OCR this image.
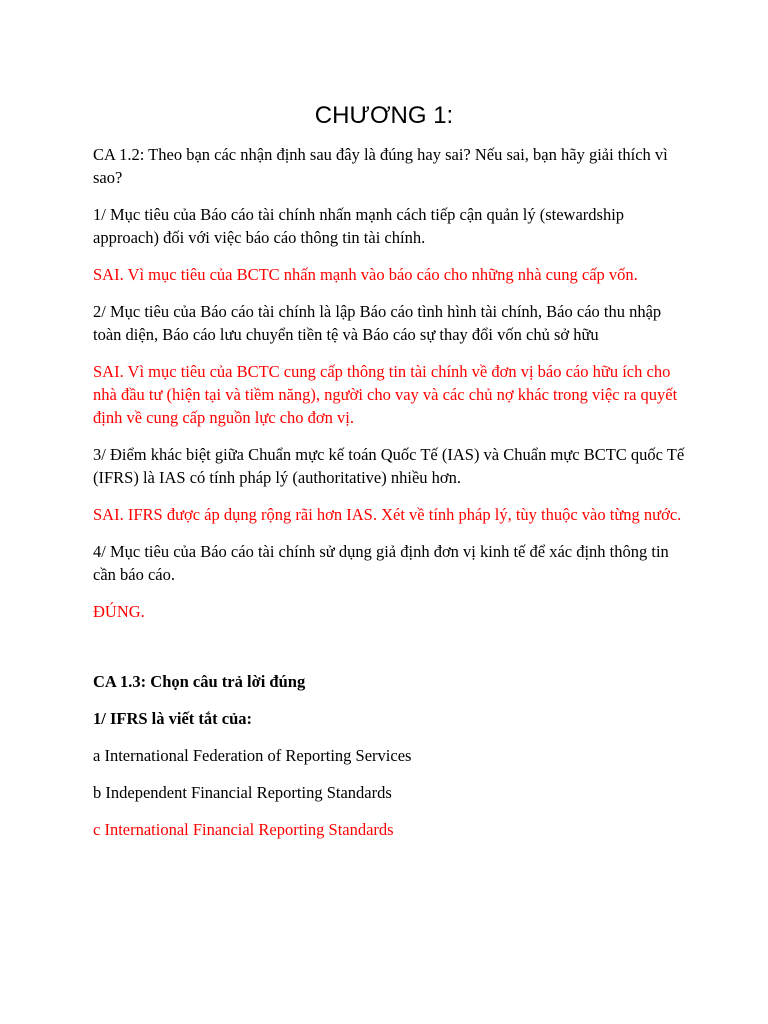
CHƯƠNG 1:

CA 1.2: Theo bạn các nhận định sau đây là đúng hay sai? Nếu sai, bạn hãy giải thích vì sao?

1/ Mục tiêu của Báo cáo tài chính nhấn mạnh cách tiếp cận quản lý (stewardship approach) đối với việc báo cáo thông tin tài chính.

SAI. Vì mục tiêu của BCTC nhấn mạnh vào báo cáo cho những nhà cung cấp vốn.

2/ Mục tiêu của Báo cáo tài chính là lập Báo cáo tình hình tài chính, Báo cáo thu nhập toàn diện, Báo cáo lưu chuyển tiền tệ và Báo cáo sự thay đổi vốn chủ sở hữu

SAI. Vì mục tiêu của BCTC cung cấp thông tin tài chính về đơn vị báo cáo hữu ích cho nhà đầu tư (hiện tại và tiềm năng), người cho vay và các chủ nợ khác trong việc ra quyết định về cung cấp nguồn lực cho đơn vị.

3/ Điểm khác biệt giữa Chuẩn mực kế toán Quốc Tế (IAS) và Chuẩn mực BCTC quốc Tế (IFRS) là IAS có tính pháp lý (authoritative) nhiều hơn.

SAI. IFRS được áp dụng rộng rãi hơn IAS. Xét về tính pháp lý, tùy thuộc vào từng nước.

4/ Mục tiêu của Báo cáo tài chính sử dụng giả định đơn vị kinh tế để xác định thông tin cần báo cáo.

ĐÚNG.

CA 1.3: Chọn câu trả lời đúng

1/ IFRS là viết tắt của:

a International Federation of Reporting Services

b Independent Financial Reporting Standards

c International Financial Reporting Standards
